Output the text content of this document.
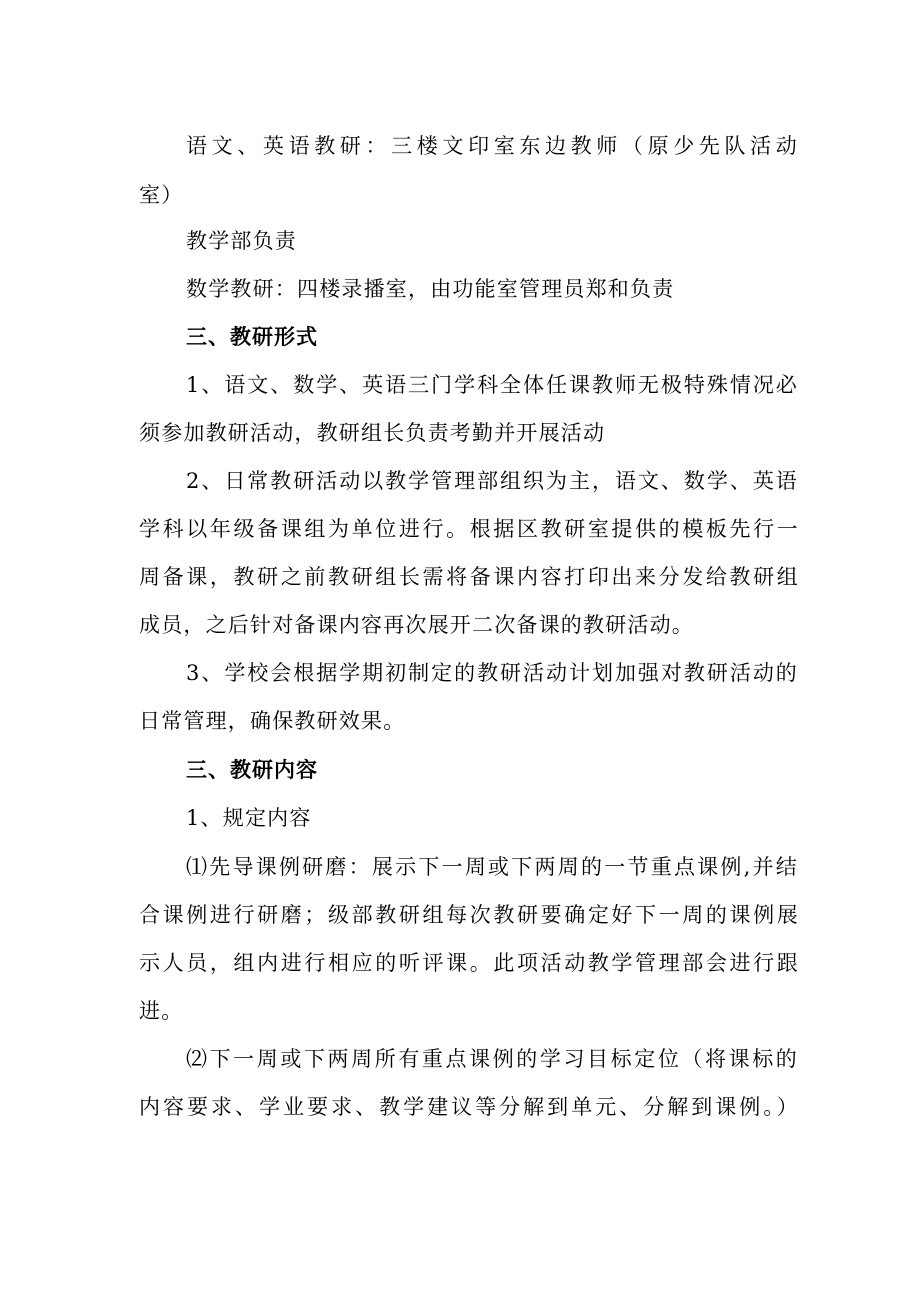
语文、英语教研：三楼文印室东边教师（原少先队活动
室）
教学部负责
数学教研：四楼录播室，由功能室管理员郑和负责
三、教研形式
1、语文、数学、英语三门学科全体任课教师无极特殊情况必
须参加教研活动，教研组长负责考勤并开展活动
2、日常教研活动以教学管理部组织为主，语文、数学、英语
学科以年级备课组为单位进行。根据区教研室提供的模板先行一
周备课，教研之前教研组长需将备课内容打印出来分发给教研组
成员，之后针对备课内容再次展开二次备课的教研活动。
3、学校会根据学期初制定的教研活动计划加强对教研活动的
日常管理，确保教研效果。
三、教研内容
1、规定内容
⑴先导课例研磨：展示下一周或下两周的一节重点课例,并结
合课例进行研磨；级部教研组每次教研要确定好下一周的课例展
示人员，组内进行相应的听评课。此项活动教学管理部会进行跟
进。
⑵下一周或下两周所有重点课例的学习目标定位（将课标的
内容要求、学业要求、教学建议等分解到单元、分解到课例。）
